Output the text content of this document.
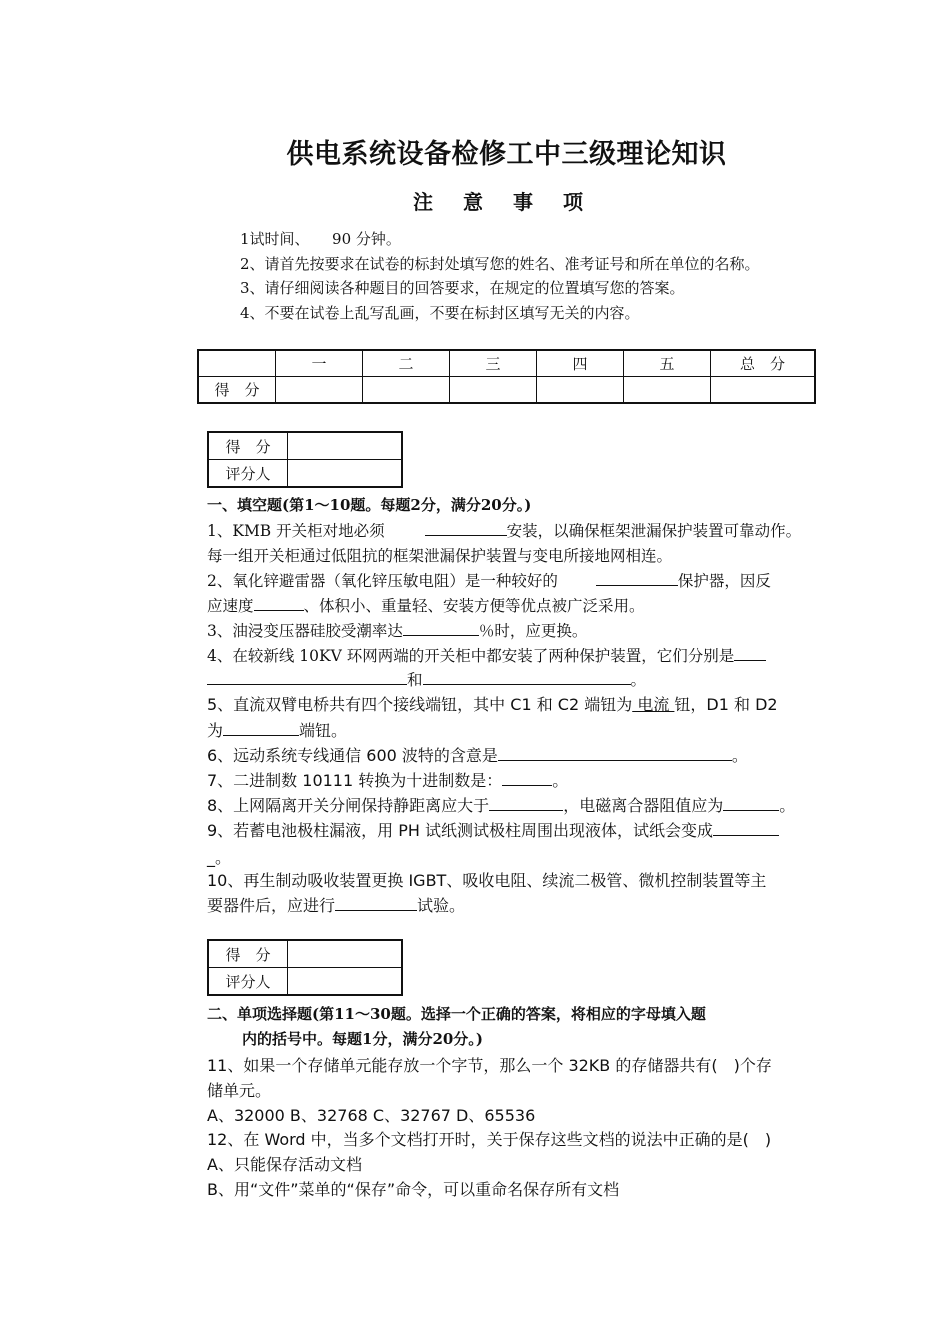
供电系统设备检修工中三级理论知识
注意事项
1试时间、　　90 分钟。
2、请首先按要求在试卷的标封处填写您的姓名、准考证号和所在单位的名称。
3、请仔细阅读各种题目的回答要求，在规定的位置填写您的答案。
4、不要在试卷上乱写乱画，不要在标封区填写无关的内容。
	一	二	三	四	五	总　分
得　分						
得　分	
评分人	
一、填空题(第1～10题。每题2分，满分20分。)
1、KMB 开关柜对地必须	安装，以确保框架泄漏保护装置可靠动作。
每一组开关柜通过低阻抗的框架泄漏保护装置与变电所接地网相连。
2、氧化锌避雷器（氧化锌压敏电阻）是一种较好的	保护器，因反
应速度	、体积小、重量轻、安装方便等优点被广泛采用。
3、油浸变压器硅胶受潮率达	％时，应更换。
4、在较新线 10KV 环网两端的开关柜中都安装了两种保护装置，它们分别是
和	。
5、直流双臂电桥共有四个接线端钮，其中 C1 和 C2 端钮为 电流 钮，D1 和 D2
为	端钮。
6、远动系统专线通信 600 波特的含意是	。
7、二进制数 10111 转换为十进制数是：	。
8、上网隔离开关分闸保持静距离应大于	，电磁离合器阻值应为	。
9、若蓄电池极柱漏液，用 PH 试纸测试极柱周围出现液体，试纸会变成
_。
10、再生制动吸收装置更换 IGBT、吸收电阻、续流二极管、微机控制装置等主
要器件后，应进行	试验。
得　分	
评分人	
二、单项选择题(第11～30题。选择一个正确的答案，将相应的字母填入题
内的括号中。每题1分，满分20分。)
11、如果一个存储单元能存放一个字节，那么一个 32KB 的存储器共有(　)个存
储单元。
A、32000 B、32768 C、32767 D、65536
12、在 Word 中，当多个文档打开时，关于保存这些文档的说法中正确的是(　)
A、只能保存活动文档
B、用“文件”菜单的“保存”命令，可以重命名保存所有文档
